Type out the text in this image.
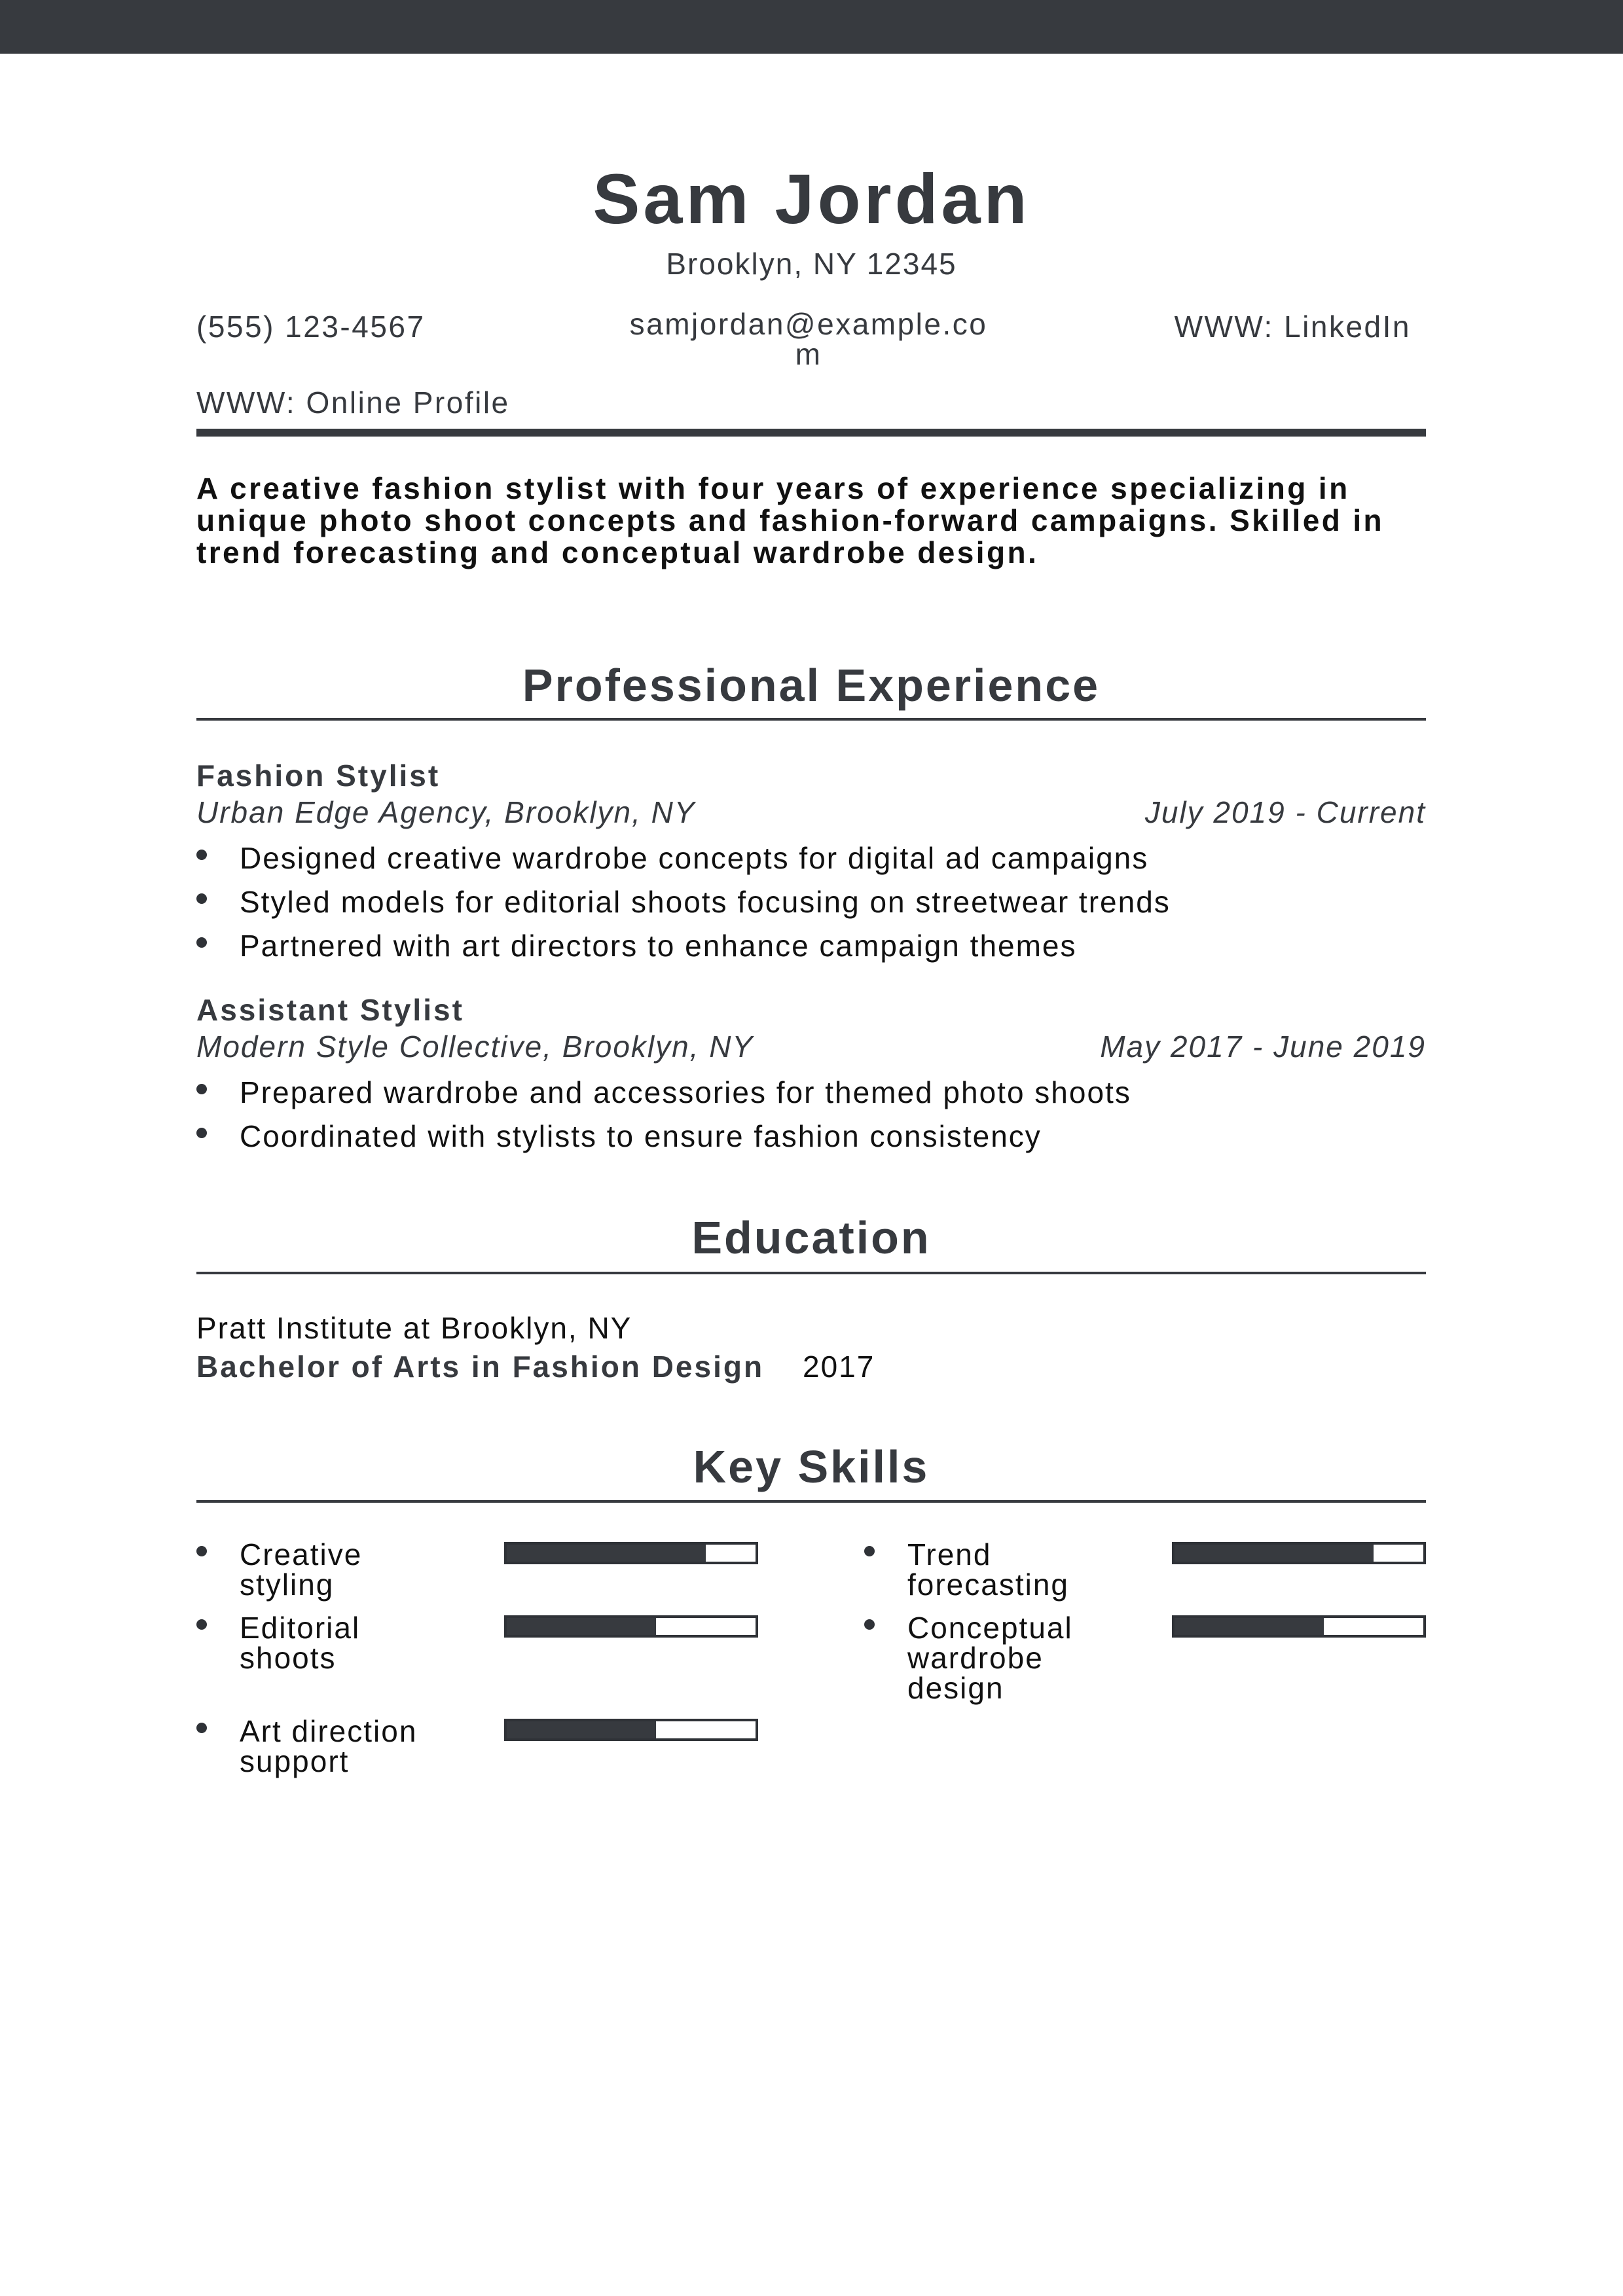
Sam Jordan
Brooklyn, NY 12345
(555) 123-4567	samjordan@example.com
WWW: LinkedIn
WWW: Online Profile
A creative fashion stylist with four years of experience specializing in unique photo shoot concepts and fashion-forward campaigns. Skilled in trend forecasting and conceptual wardrobe design.
Professional Experience
Fashion Stylist
Urban Edge Agency, Brooklyn, NY	July 2019 - Current
Designed creative wardrobe concepts for digital ad campaigns
Styled models for editorial shoots focusing on streetwear trends
Partnered with art directors to enhance campaign themes
Assistant Stylist
Modern Style Collective, Brooklyn, NY	May 2017 - June 2019
Prepared wardrobe and accessories for themed photo shoots
Coordinated with stylists to ensure fashion consistency
Education
Pratt Institute at Brooklyn, NY
Bachelor of Arts in Fashion Design 2017
Key Skills
Creative styling
Trend forecasting
Editorial shoots
Conceptual wardrobe design
Art direction support
